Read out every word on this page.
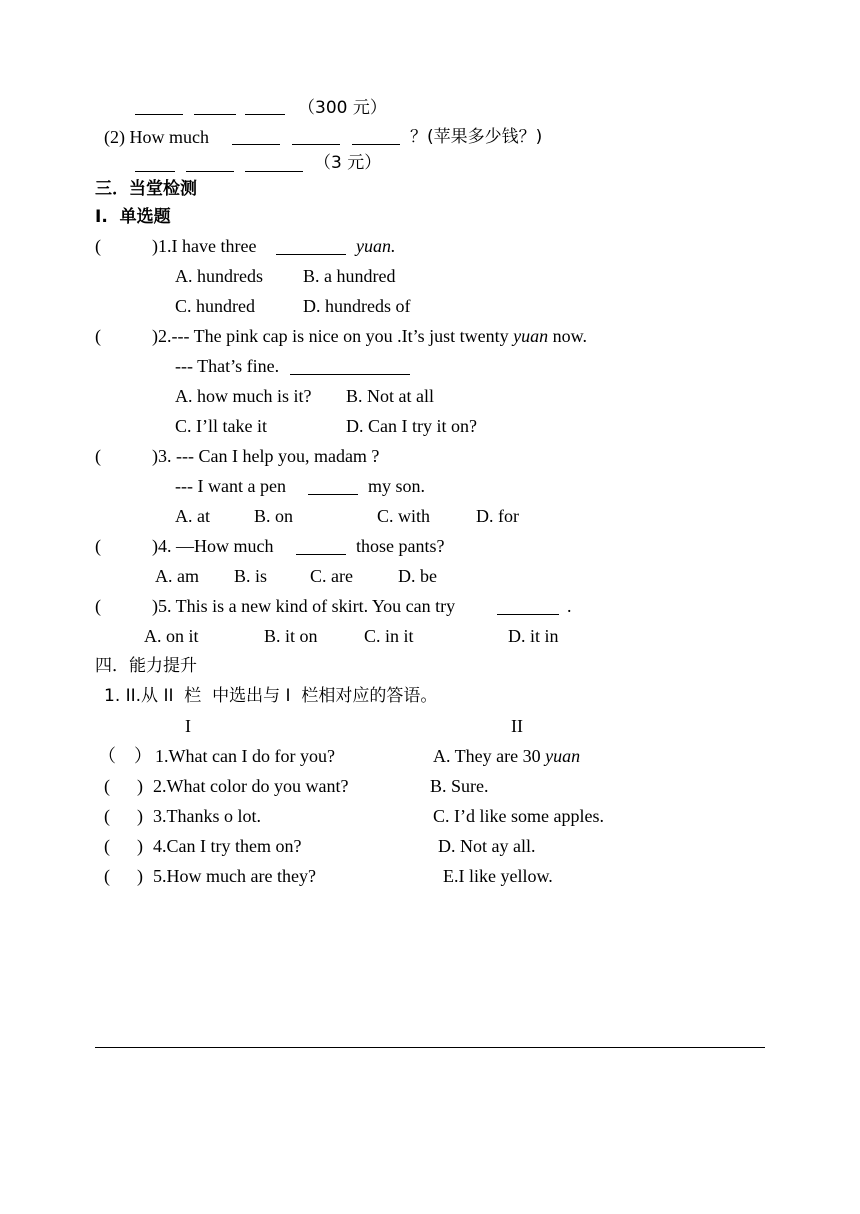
（300 元）
(2) How much	？(苹果多少钱？)
（3 元）
三．当堂检测
I.  单选题
(	)1.I have three	yuan.
A. hundreds B. a hundred
C. hundred	D. hundreds of
(	)2.--- The pink cap is nice on you .It’s just twenty yuan now.
--- That’s fine.
A. how much is it? B. Not at all
C. I’ll take it	D. Can I try it on?
(	)3. --- Can I help you, madam ?
--- I want a pen	my son.
A. at B. on	C. with	D. for
(	)4. —How much	those pants?
A. am B. is C. are	D. be
(	)5. This is a new kind of skirt. You can try	.
A. on it	B. it on	C. in it	D. it in
四．能力提升
1. II.从 II  栏  中选出与 I  栏相对应的答语。
I	II
（    ） 1.What can I do for you?	A. They are 30 yuan
(      ) 2.What color do you want?	B. Sure.
(      ) 3.Thanks o lot.	C. I’d like some apples.
(      ) 4.Can I try them on?	D. Not ay all.
(      ) 5.How much are they?	E.I like yellow.
